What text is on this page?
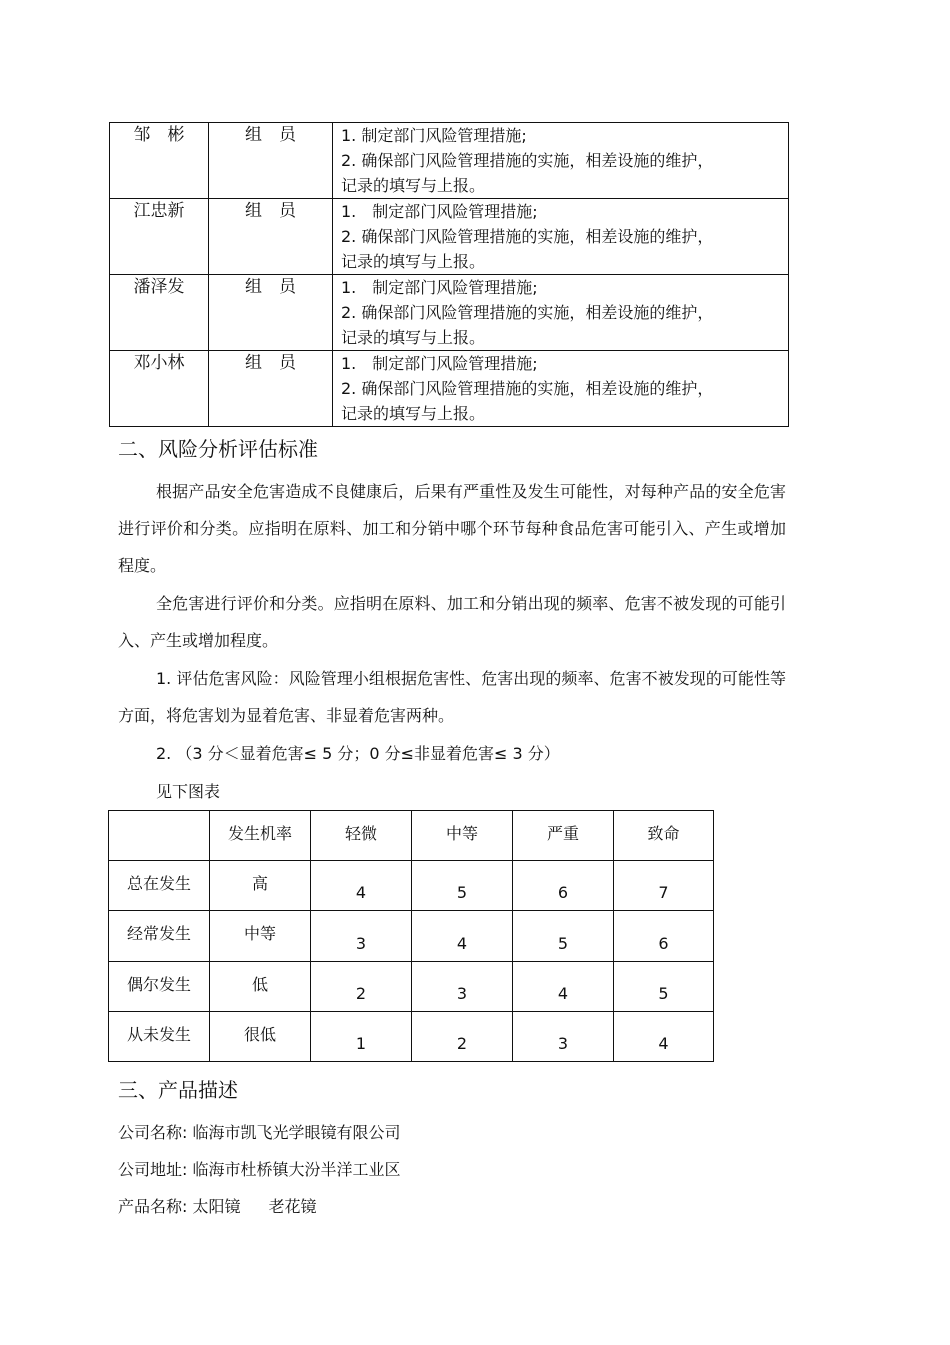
邹　彬	组　员	1. 制定部门风险管理措施;
2. 确保部门风险管理措施的实施，相差设施的维护，
记录的填写与上报。

江忠新	组　员	1.　制定部门风险管理措施;
2. 确保部门风险管理措施的实施，相差设施的维护，
记录的填写与上报。

潘泽发	组　员	1.　制定部门风险管理措施;
2. 确保部门风险管理措施的实施，相差设施的维护，
记录的填写与上报。

邓小林	组　员	1.　制定部门风险管理措施;
2. 确保部门风险管理措施的实施，相差设施的维护，
记录的填写与上报。
二、风险分析评估标准
根据产品安全危害造成不良健康后，后果有严重性及发生可能性，对每种产品的安全危害进行评价和分类。应指明在原料、加工和分销中哪个环节每种食品危害可能引入、产生或增加程度。
全危害进行评价和分类。应指明在原料、加工和分销出现的频率、危害不被发现的可能引入、产生或增加程度。
1. 评估危害风险：风险管理小组根据危害性、危害出现的频率、危害不被发现的可能性等方面，将危害划为显着危害、非显着危害两种。
2. （3 分＜显着危害≤ 5 分；0 分≤非显着危害≤ 3 分）
见下图表
	发生机率	轻微	中等	严重	致命
总在发生	高	4	5	6	7
经常发生	中等	3	4	5	6
偶尔发生	低	2	3	4	5
从未发生	很低	1	2	3	4
三、产品描述
公司名称: 临海市凯飞光学眼镜有限公司
公司地址: 临海市杜桥镇大汾半洋工业区
产品名称: 太阳镜 老花镜
